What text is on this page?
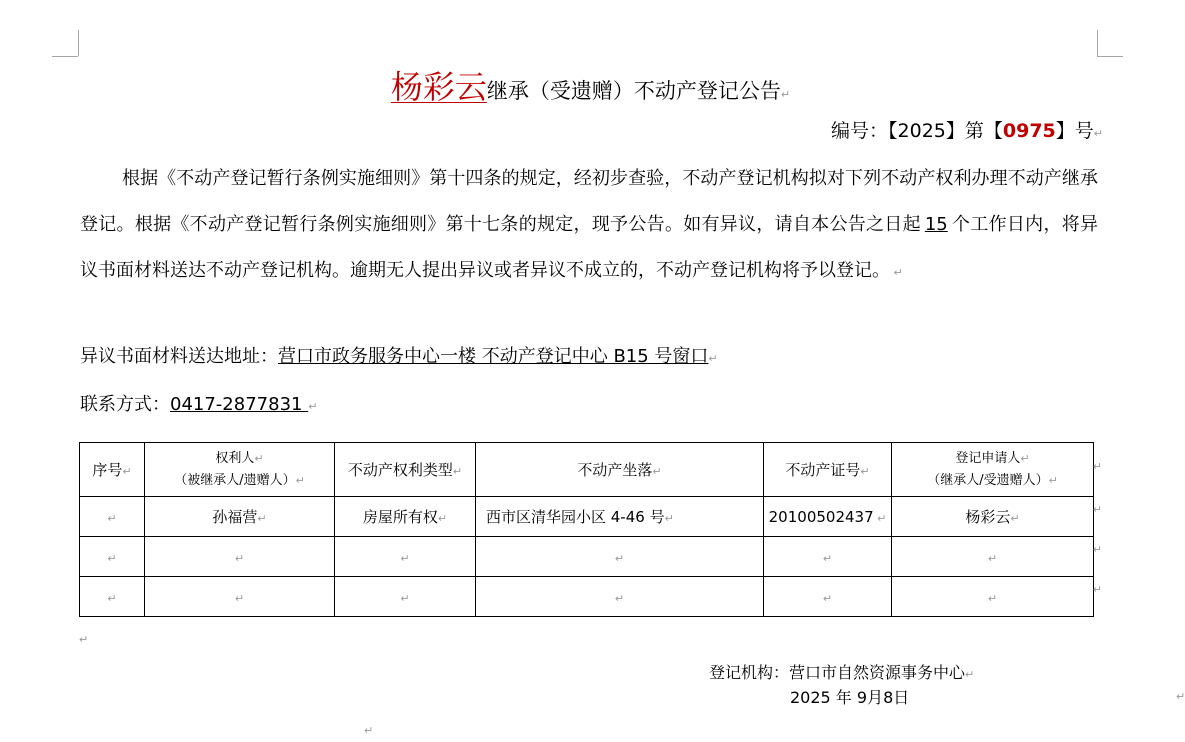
杨彩云继承（受遗赠）不动产登记公告↵
编号：【2025】第【0975】号↵

根据《不动产登记暂行条例实施细则》第十四条的规定，经初步查验，不动产登记机构拟对下列不动产权利办理不动产继承登记。根据《不动产登记暂行条例实施细则》第十七条的规定，现予公告。如有异议，请自本公告之日起 15 个工作日内，将异议书面材料送达不动产登记机构。逾期无人提出异议或者异议不成立的，不动产登记机构将予以登记。 ↵

异议书面材料送达地址：营口市政务服务中心一楼 不动产登记中心 B15 号窗口↵
联系方式：0417-2877831 ↵
序号↵	权利人↵
（被继承人/遗赠人）↵	不动产权利类型↵	不动产坐落↵	不动产证号↵	登记申请人↵
（继承人/受遗赠人）↵

↵	孙福营↵	房屋所有权↵	西市区清华园小区 4-46 号↵	20100502437 ↵	杨彩云↵
↵	↵	↵	↵	↵	↵
↵	↵	↵	↵	↵	↵
↵
↵
↵
↵
↵
登记机构：营口市自然资源事务中心↵
2025 年 9月8日
↵
↵
